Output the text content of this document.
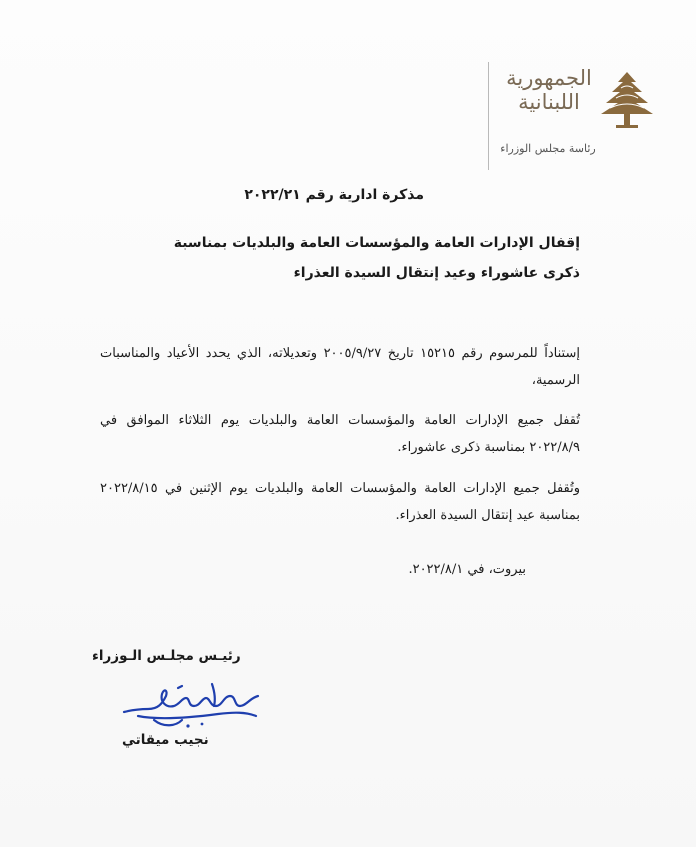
الجمهورية
اللبنانية
رئاسة مجلس الوزراء
مذكرة ادارية رقم ٢٠٢٢/٢١
إقفال الإدارات العامة والمؤسسات العامة والبلديات بمناسبة
ذكرى عاشوراء وعيد إنتقال السيدة العذراء
إستناداً للمرسوم رقم ١٥٢١٥ تاريخ ٢٠٠٥/٩/٢٧ وتعديلاته، الذي يحدد الأعياد والمناسبات الرسمية،
تُقفل جميع الإدارات العامة والمؤسسات العامة والبلديات يوم الثلاثاء الموافق في ٢٠٢٢/٨/٩ بمناسبة ذكرى عاشوراء.
وتُقفل جميع الإدارات العامة والمؤسسات العامة والبلديات يوم الإثنين في ٢٠٢٢/٨/١٥ بمناسبة عيد إنتقال السيدة العذراء.
بيروت، في ٢٠٢٢/٨/١.
رئيـس مجلـس الـوزراء
نجيب ميقاتي
